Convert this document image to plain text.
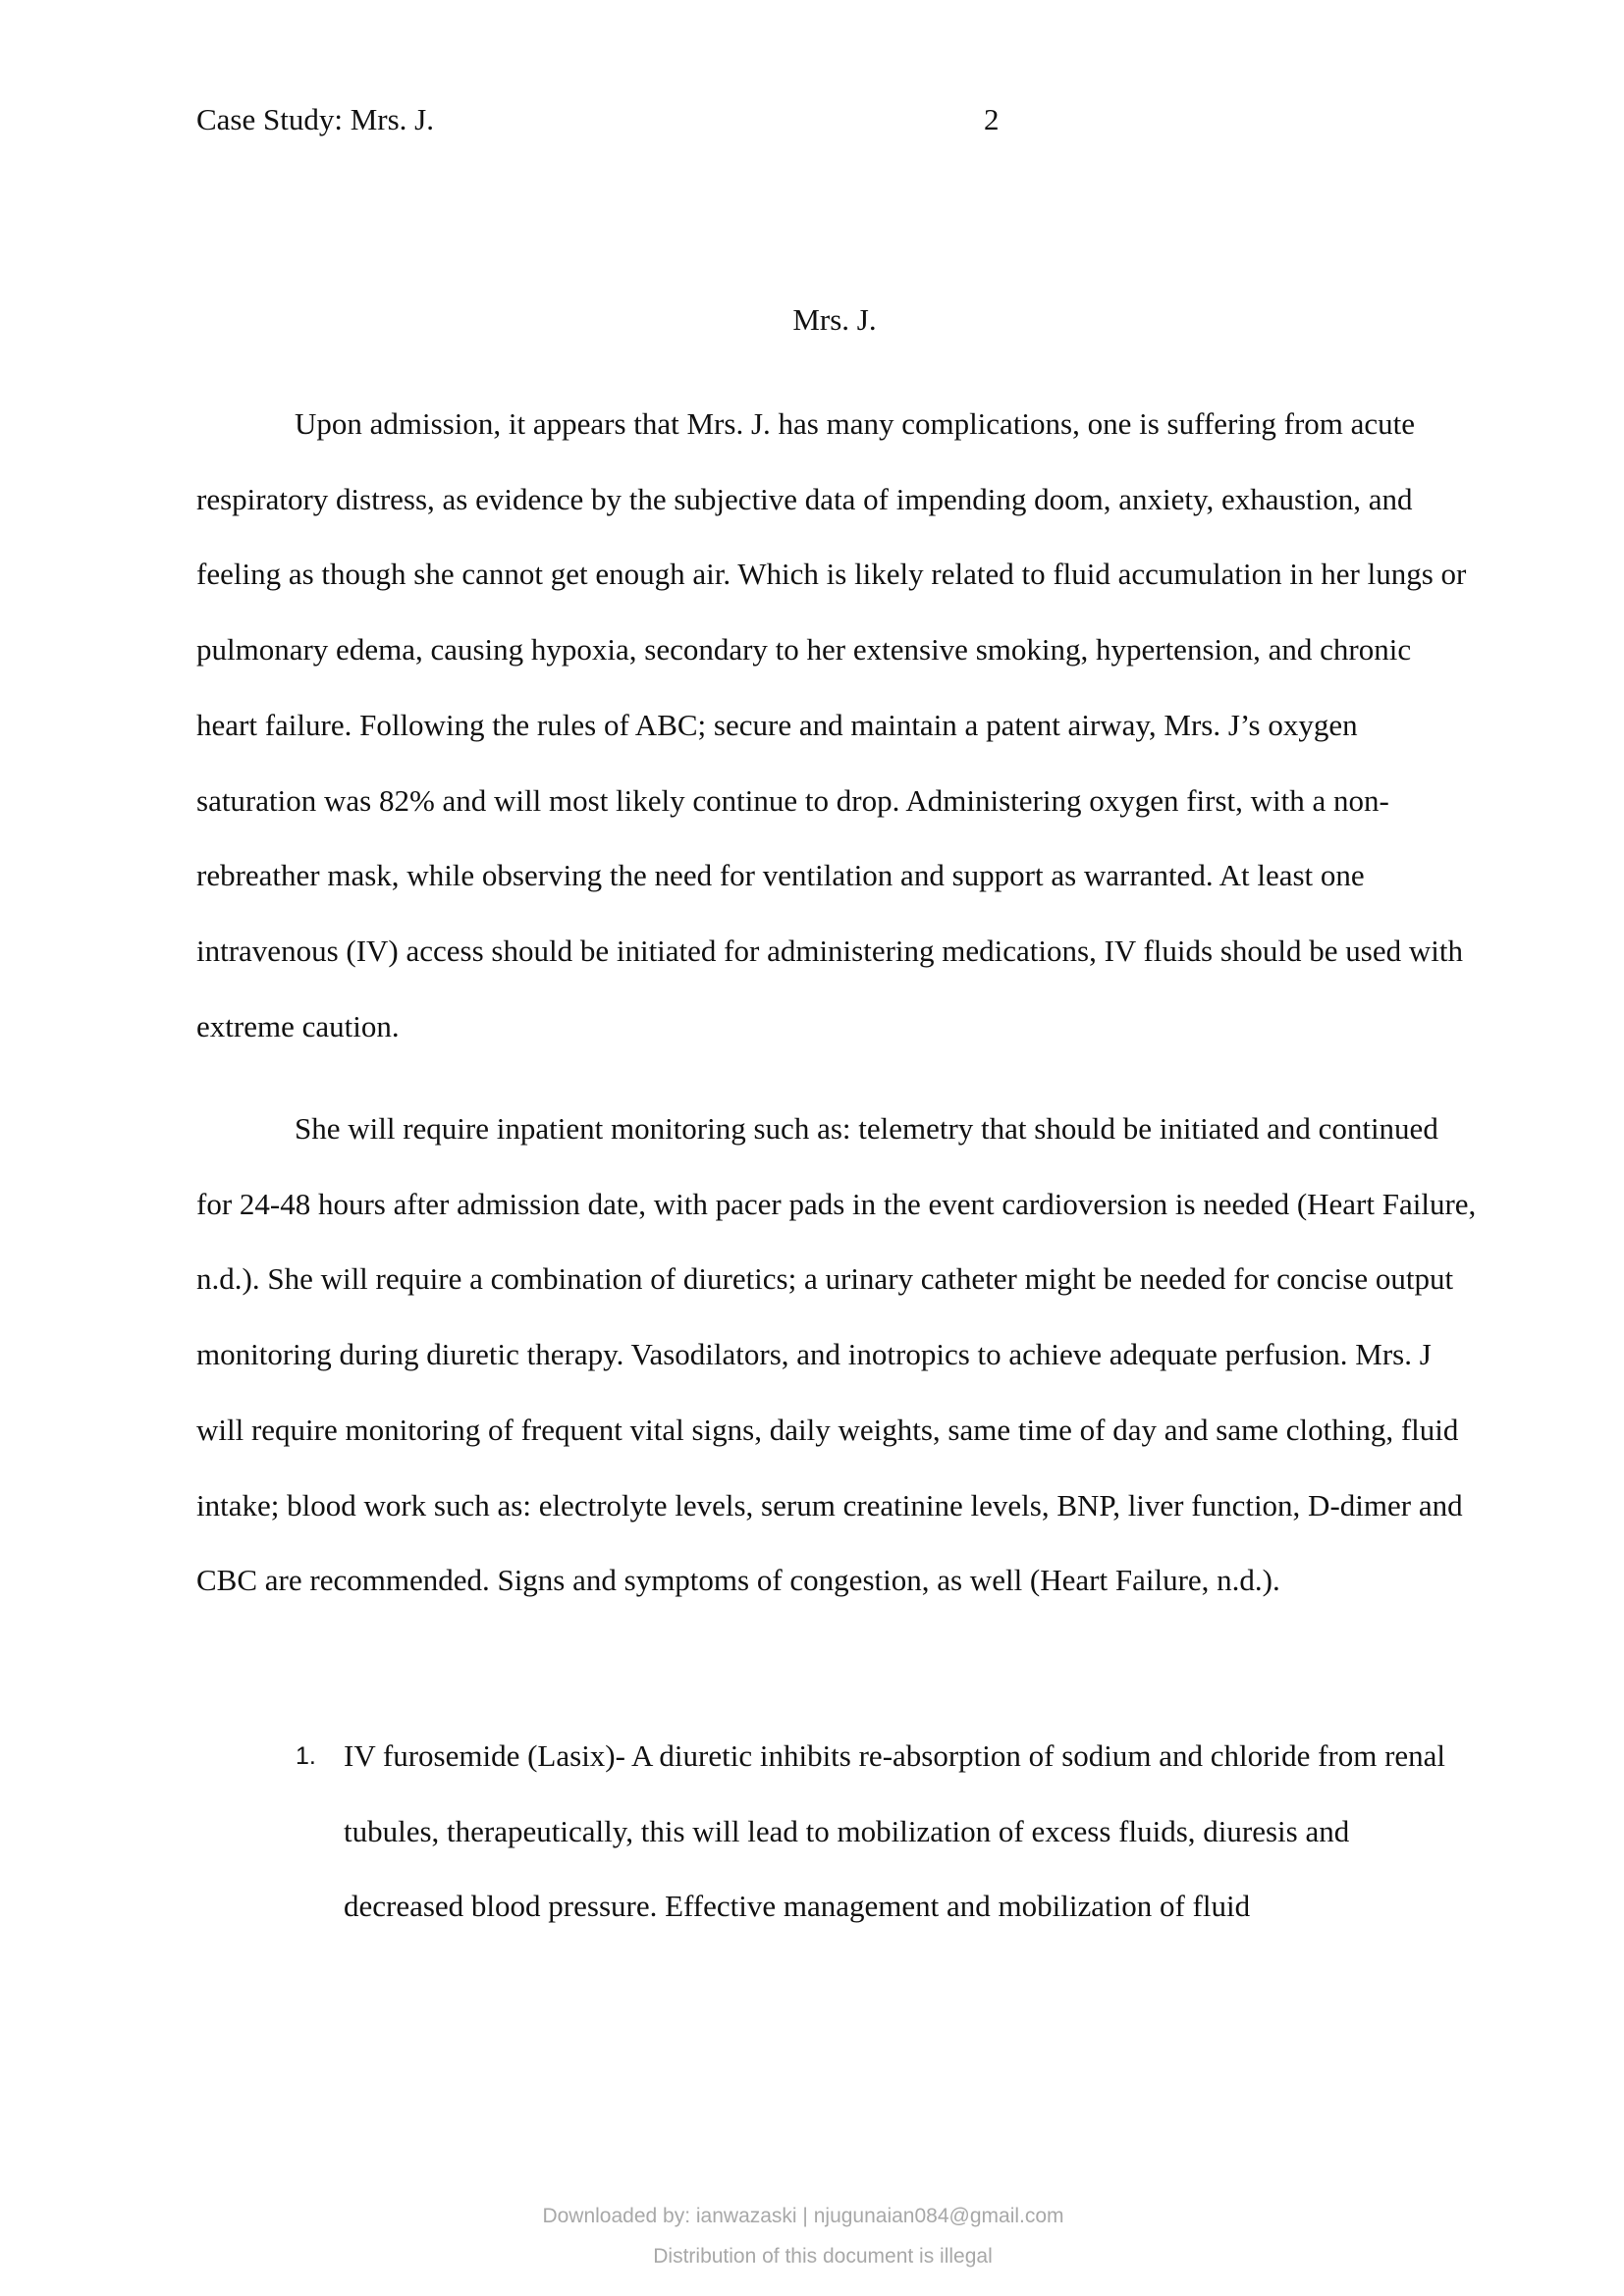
Case Study: Mrs. J.	2
Mrs. J.

Upon admission, it appears that Mrs. J. has many complications, one is suffering from acute respiratory distress, as evidence by the subjective data of impending doom, anxiety, exhaustion, and feeling as though she cannot get enough air. Which is likely related to fluid accumulation in her lungs or pulmonary edema, causing hypoxia, secondary to her extensive smoking, hypertension, and chronic heart failure. Following the rules of ABC; secure and maintain a patent airway, Mrs. J’s oxygen saturation was 82% and will most likely continue to drop. Administering oxygen first, with a non-rebreather mask, while observing the need for ventilation and support as warranted. At least one intravenous (IV) access should be initiated for administering medications, IV fluids should be used with extreme caution.

She will require inpatient monitoring such as: telemetry that should be initiated and continued for 24-48 hours after admission date, with pacer pads in the event cardioversion is needed (Heart Failure, n.d.). She will require a combination of diuretics; a urinary catheter might be needed for concise output monitoring during diuretic therapy. Vasodilators, and inotropics to achieve adequate perfusion. Mrs. J will require monitoring of frequent vital signs, daily weights, same time of day and same clothing, fluid intake; blood work such as: electrolyte levels, serum creatinine levels, BNP, liver function, D-dimer and CBC are recommended. Signs and symptoms of congestion, as well (Heart Failure, n.d.).

1. IV furosemide (Lasix)- A diuretic inhibits re-absorption of sodium and chloride from renal tubules, therapeutically, this will lead to mobilization of excess fluids, diuresis and decreased blood pressure. Effective management and mobilization of fluid
Downloaded by: ianwazaski | njugunaian084@gmail.com
Distribution of this document is illegal
